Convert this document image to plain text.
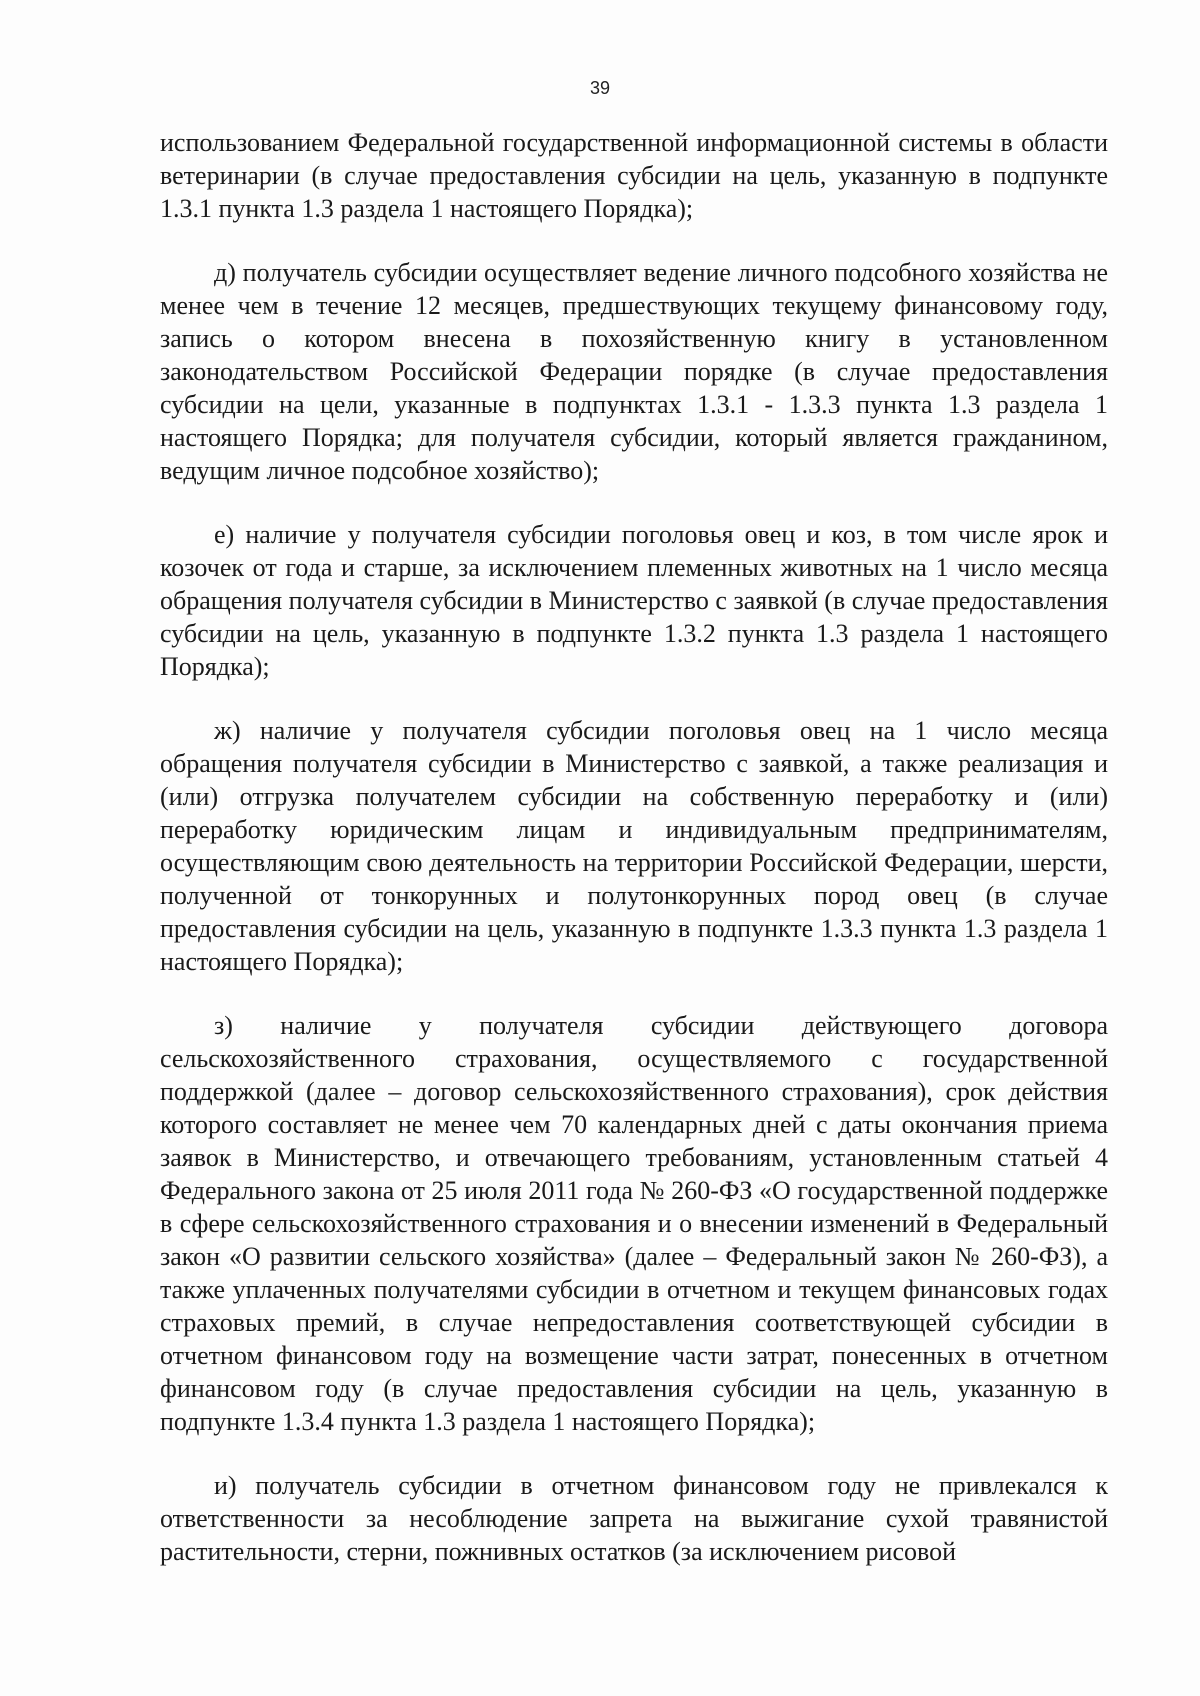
39

использованием Федеральной государственной информационной системы в области ветеринарии (в случае предоставления субсидии на цель, указанную в подпункте 1.3.1 пункта 1.3 раздела 1 настоящего Порядка);

д) получатель субсидии осуществляет ведение личного подсобного хозяйства не менее чем в течение 12 месяцев, предшествующих текущему финансовому году, запись о котором внесена в похозяйственную книгу в установленном законодательством Российской Федерации порядке (в случае предоставления субсидии на цели, указанные в подпунктах 1.3.1 - 1.3.3 пункта 1.3 раздела 1 настоящего Порядка; для получателя субсидии, который является гражданином, ведущим личное подсобное хозяйство);

е) наличие у получателя субсидии поголовья овец и коз, в том числе ярок и козочек от года и старше, за исключением племенных животных на 1 число месяца обращения получателя субсидии в Министерство с заявкой (в случае предоставления субсидии на цель, указанную в подпункте 1.3.2 пункта 1.3 раздела 1 настоящего Порядка);

ж) наличие у получателя субсидии поголовья овец на 1 число месяца обращения получателя субсидии в Министерство с заявкой, а также реализация и (или) отгрузка получателем субсидии на собственную переработку и (или) переработку юридическим лицам и индивидуальным предпринимателям, осуществляющим свою деятельность на территории Российской Федерации, шерсти, полученной от тонкорунных и полутонкорунных пород овец (в случае предоставления субсидии на цель, указанную в подпункте 1.3.3 пункта 1.3 раздела 1 настоящего Порядка);

з) наличие у получателя субсидии действующего договора сельскохозяйственного страхования, осуществляемого с государственной поддержкой (далее – договор сельскохозяйственного страхования), срок действия которого составляет не менее чем 70 календарных дней с даты окончания приема заявок в Министерство, и отвечающего требованиям, установленным статьей 4 Федерального закона от 25 июля 2011 года № 260-ФЗ «О государственной поддержке в сфере сельскохозяйственного страхования и о внесении изменений в Федеральный закон «О развитии сельского хозяйства» (далее – Федеральный закон № 260-ФЗ), а также уплаченных получателями субсидии в отчетном и текущем финансовых годах страховых премий, в случае непредоставления соответствующей субсидии в отчетном финансовом году на возмещение части затрат, понесенных в отчетном финансовом году (в случае предоставления субсидии на цель, указанную в подпункте 1.3.4 пункта 1.3 раздела 1 настоящего Порядка);

и) получатель субсидии в отчетном финансовом году не привлекался к ответственности за несоблюдение запрета на выжигание сухой травянистой растительности, стерни, пожнивных остатков (за исключением рисовой
